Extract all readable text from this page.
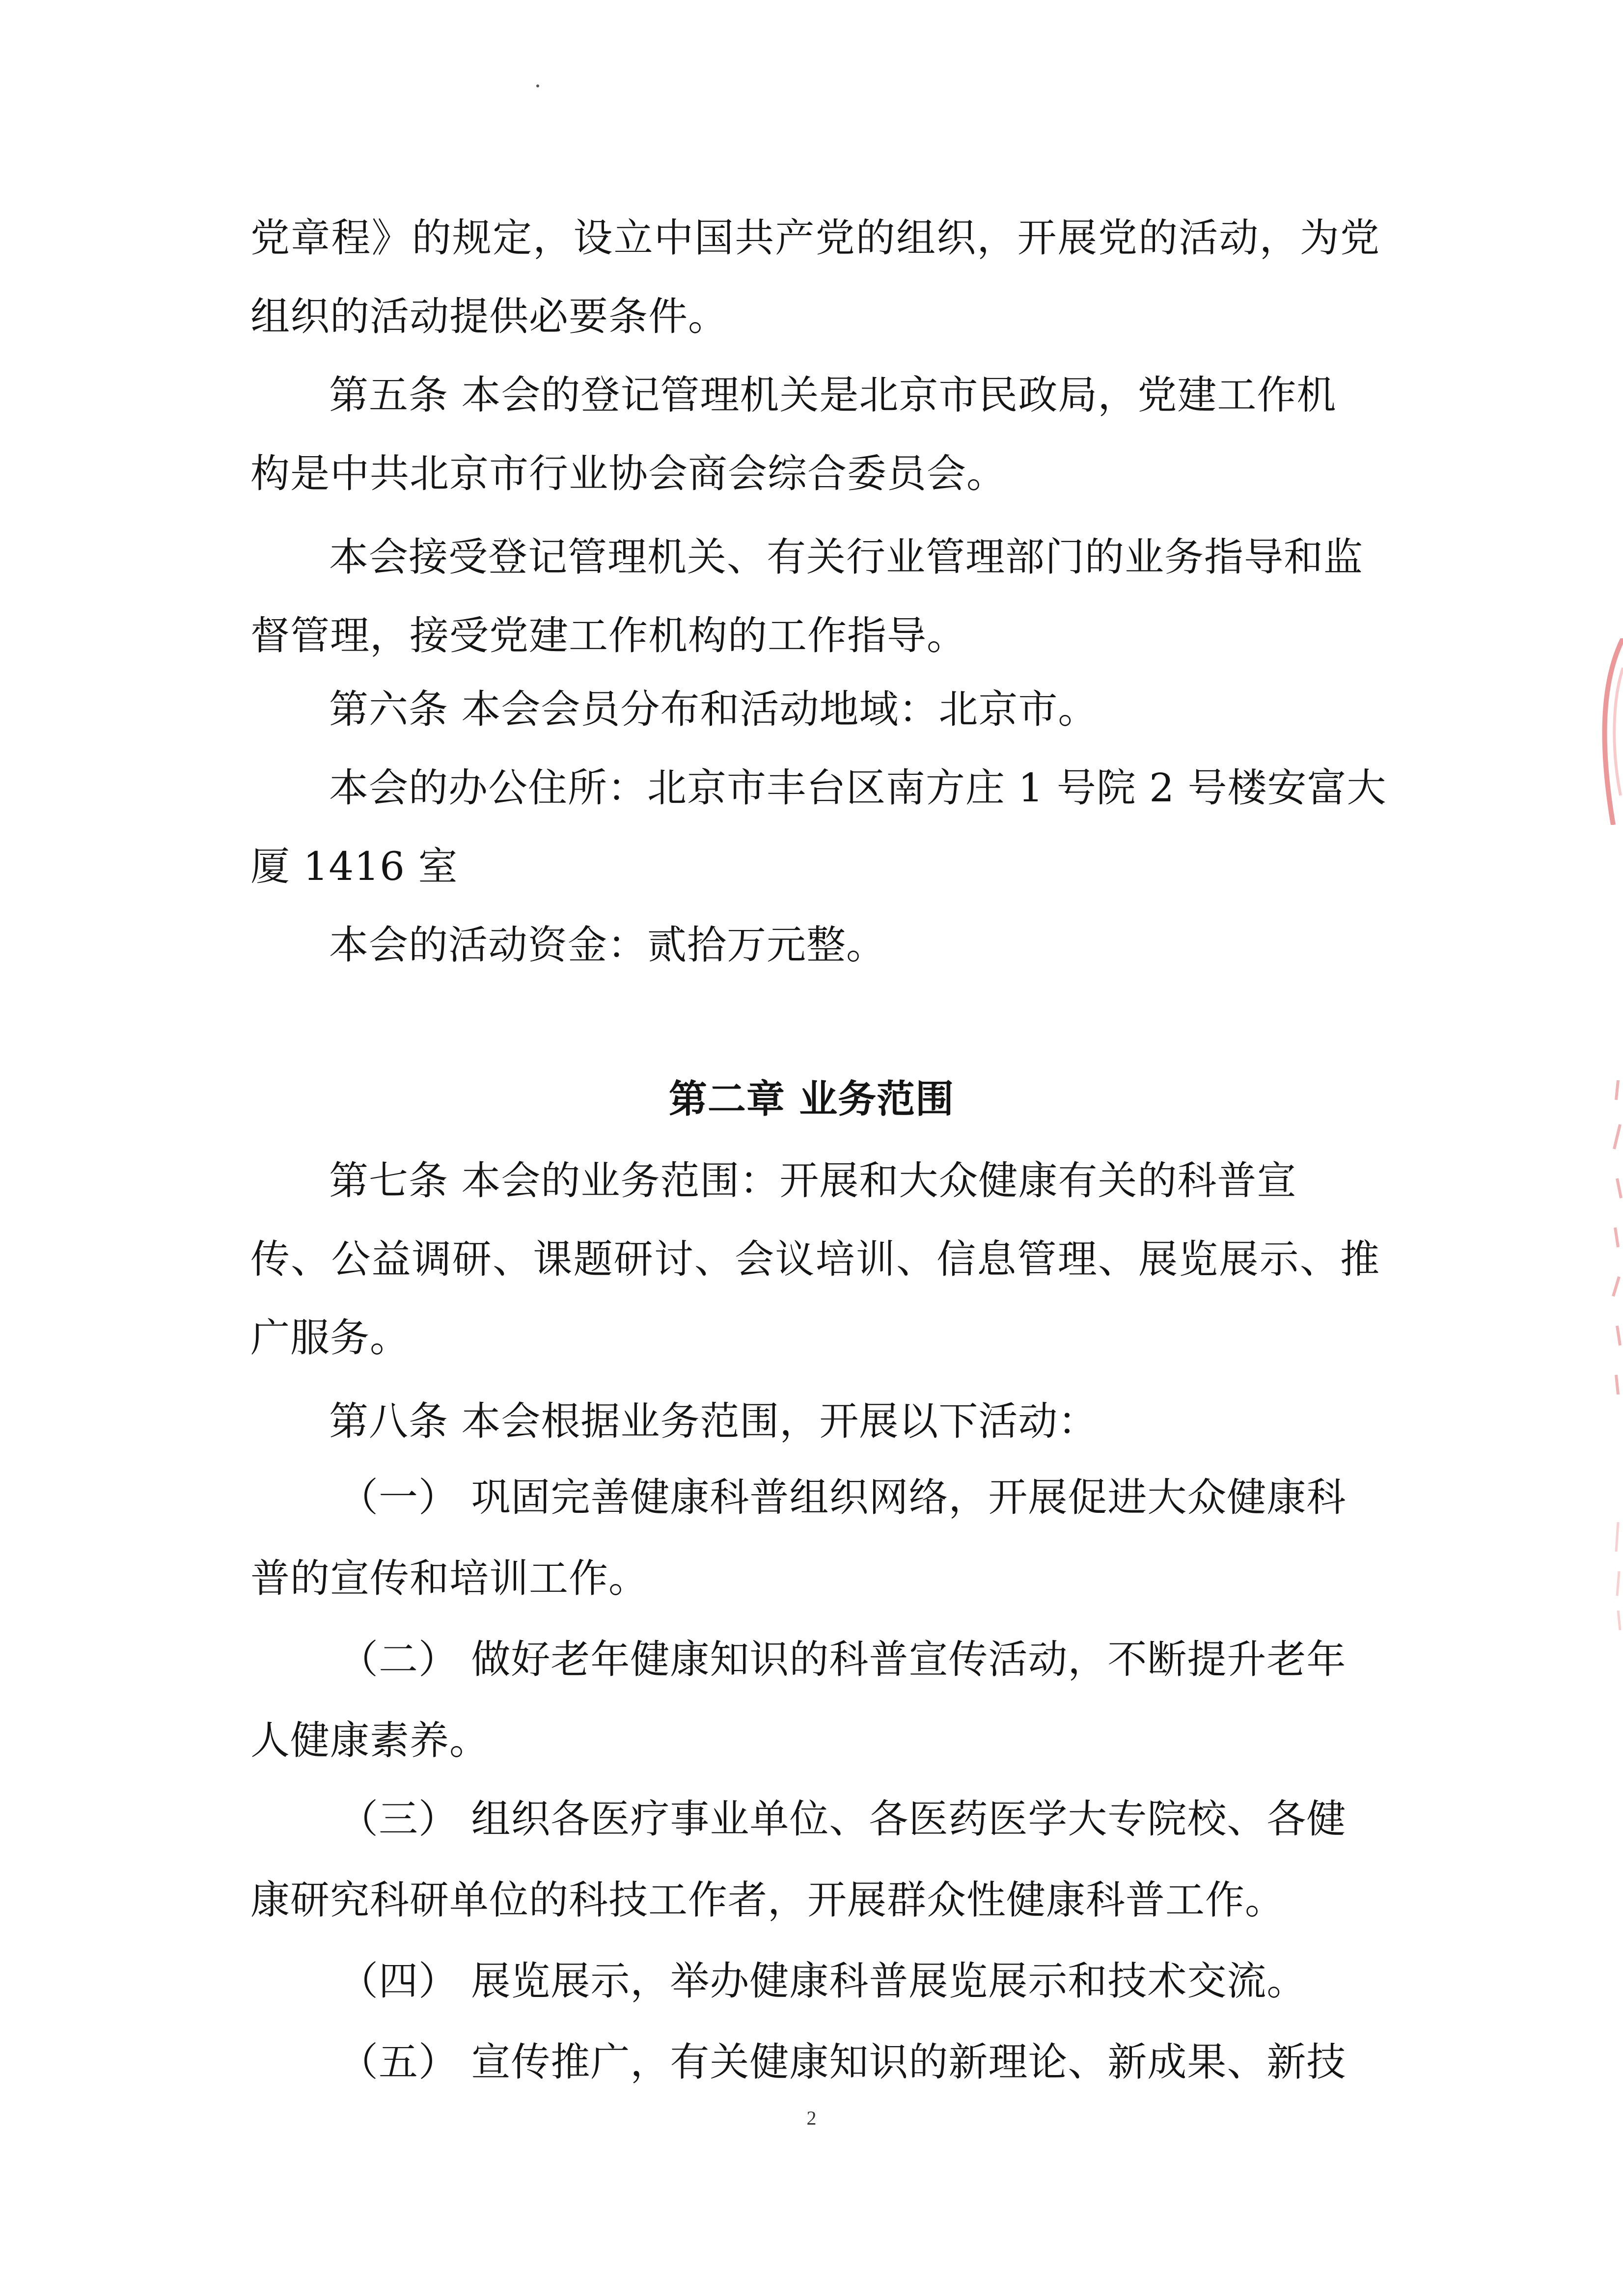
党章程》的规定，设立中国共产党的组织，开展党的活动，为党
组织的活动提供必要条件。
第五条 本会的登记管理机关是北京市民政局，党建工作机
构是中共北京市行业协会商会综合委员会。
本会接受登记管理机关、有关行业管理部门的业务指导和监
督管理，接受党建工作机构的工作指导。
第六条 本会会员分布和活动地域：北京市。
本会的办公住所：北京市丰台区南方庄 1 号院 2 号楼安富大
厦 1416 室
本会的活动资金：贰拾万元整。
第二章 业务范围
第七条 本会的业务范围：开展和大众健康有关的科普宣
传、公益调研、课题研讨、会议培训、信息管理、展览展示、推
广服务。
第八条 本会根据业务范围，开展以下活动：
（一） 巩固完善健康科普组织网络，开展促进大众健康科
普的宣传和培训工作。
（二） 做好老年健康知识的科普宣传活动，不断提升老年
人健康素养。
（三） 组织各医疗事业单位、各医药医学大专院校、各健
康研究科研单位的科技工作者，开展群众性健康科普工作。
（四） 展览展示，举办健康科普展览展示和技术交流。
（五） 宣传推广，有关健康知识的新理论、新成果、新技
2
